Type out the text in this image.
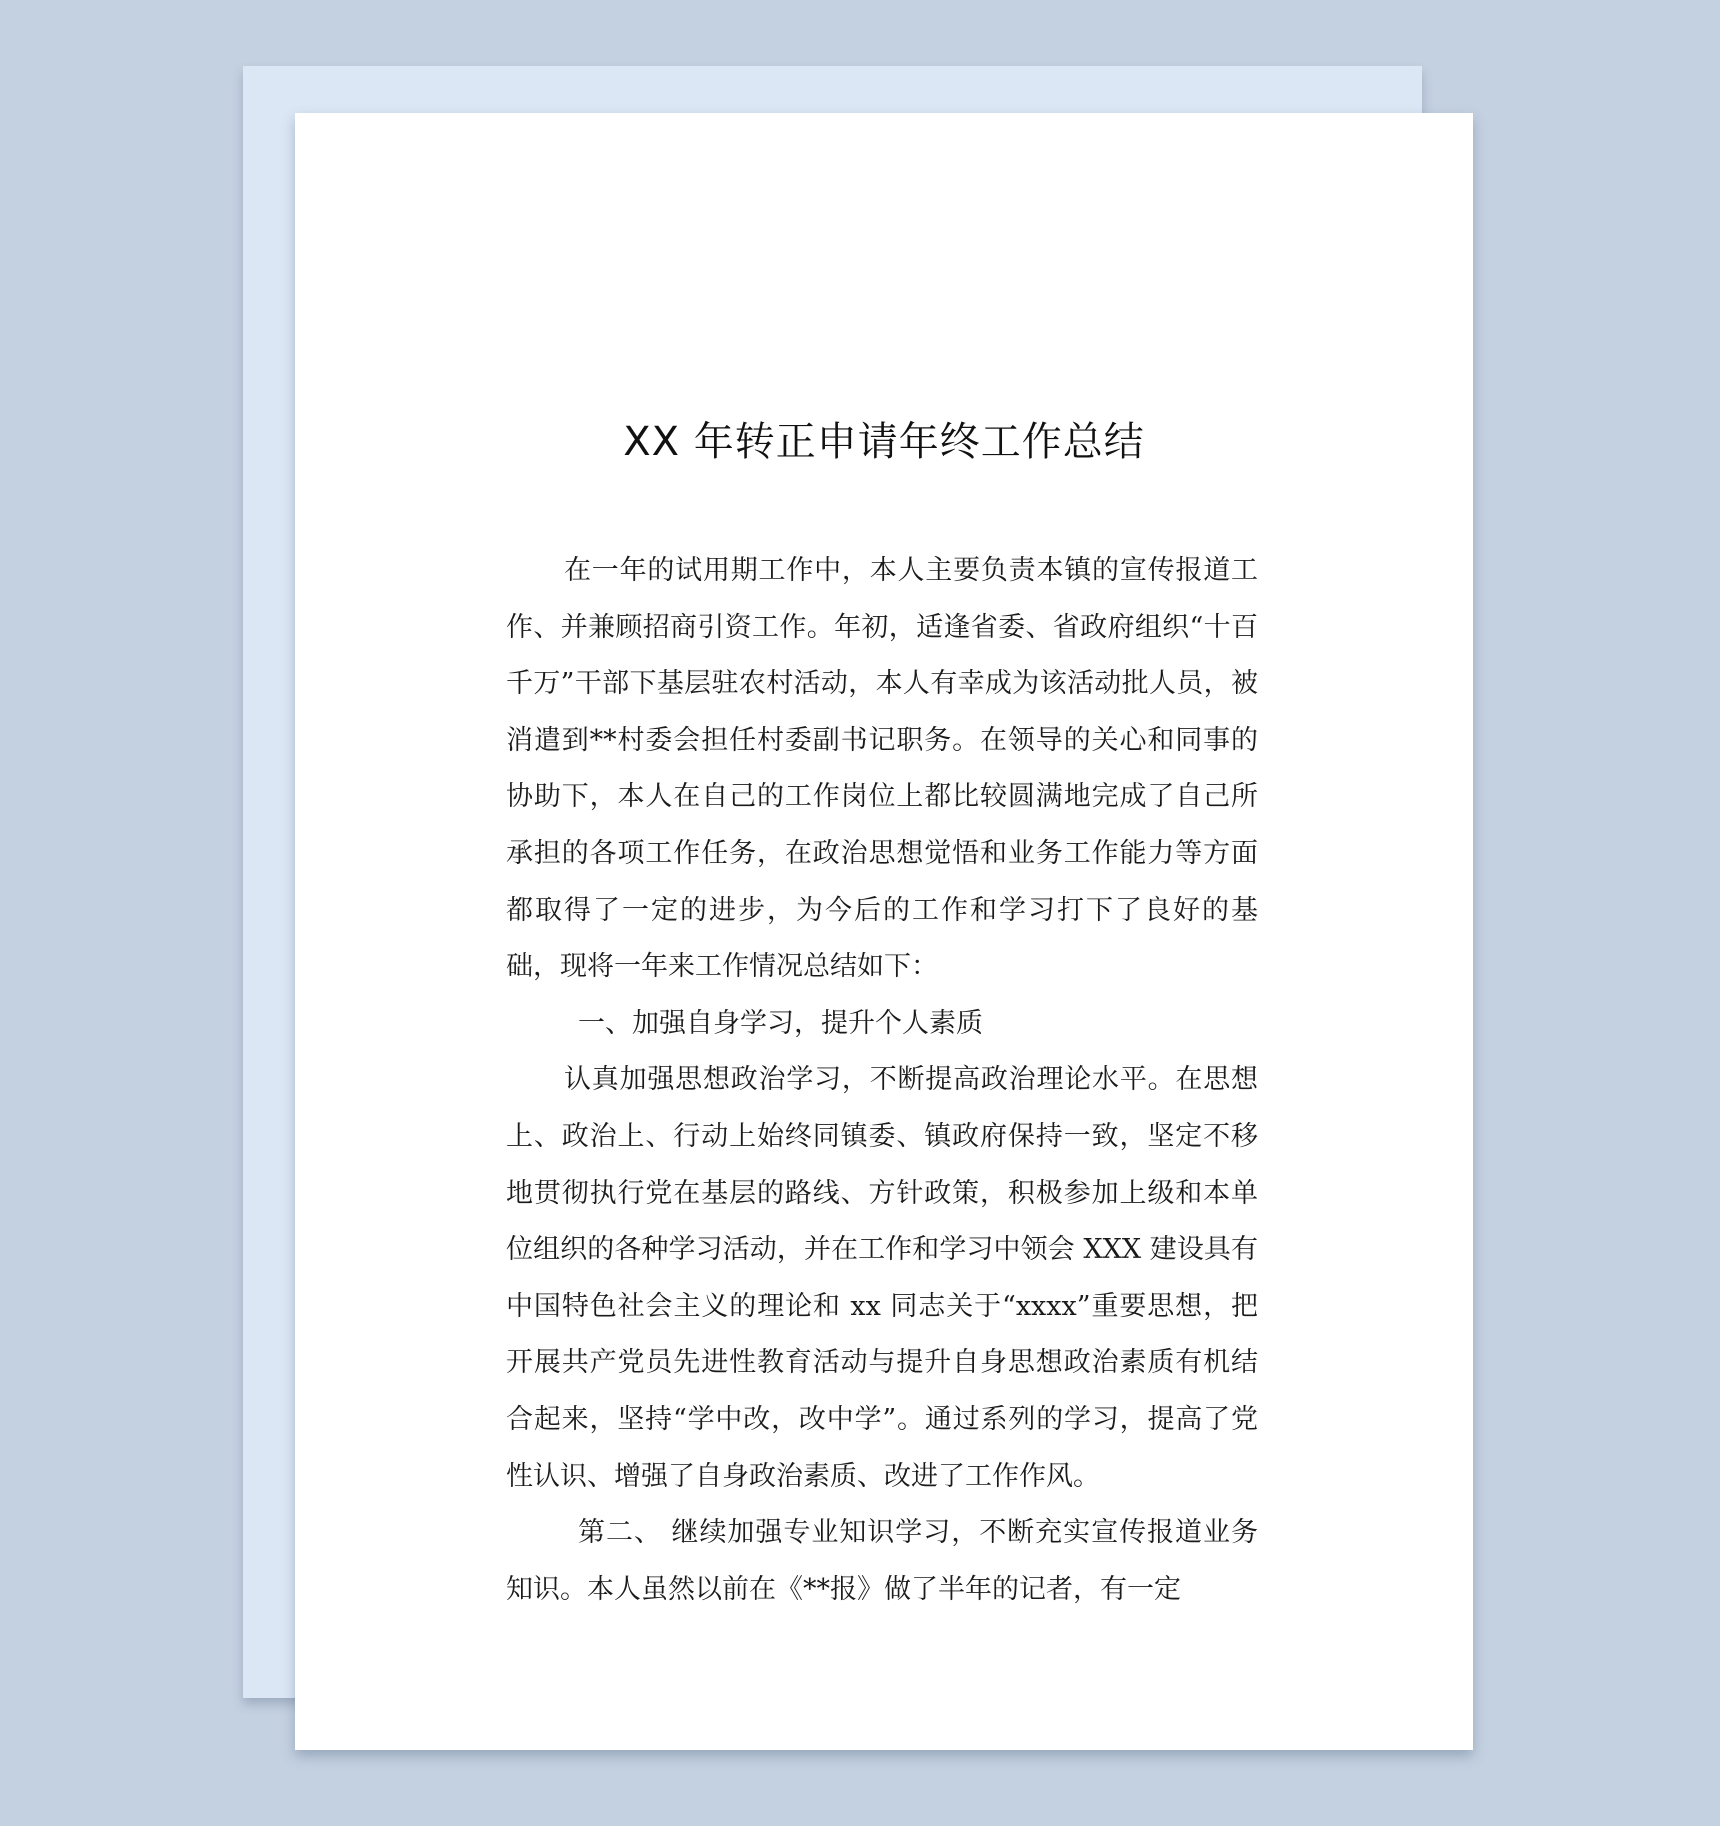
XX 年转正申请年终工作总结

在一年的试用期工作中，本人主要负责本镇的宣传报道工作、并兼顾招商引资工作。年初，适逢省委、省政府组织“十百千万”干部下基层驻农村活动，本人有幸成为该活动批人员，被消遣到**村委会担任村委副书记职务。在领导的关心和同事的协助下，本人在自己的工作岗位上都比较圆满地完成了自己所承担的各项工作任务，在政治思想觉悟和业务工作能力等方面都取得了一定的进步，为今后的工作和学习打下了良好的基础，现将一年来工作情况总结如下：

一、加强自身学习，提升个人素质

认真加强思想政治学习，不断提高政治理论水平。在思想上、政治上、行动上始终同镇委、镇政府保持一致，坚定不移地贯彻执行党在基层的路线、方针政策，积极参加上级和本单位组织的各种学习活动，并在工作和学习中领会 XXX 建设具有中国特色社会主义的理论和 xx 同志关于“xxxx”重要思想，把开展共产党员先进性教育活动与提升自身思想政治素质有机结合起来，坚持“学中改，改中学”。通过系列的学习，提高了党性认识、增强了自身政治素质、改进了工作作风。

第二、 继续加强专业知识学习，不断充实宣传报道业务知识。本人虽然以前在《**报》做了半年的记者，有一定
